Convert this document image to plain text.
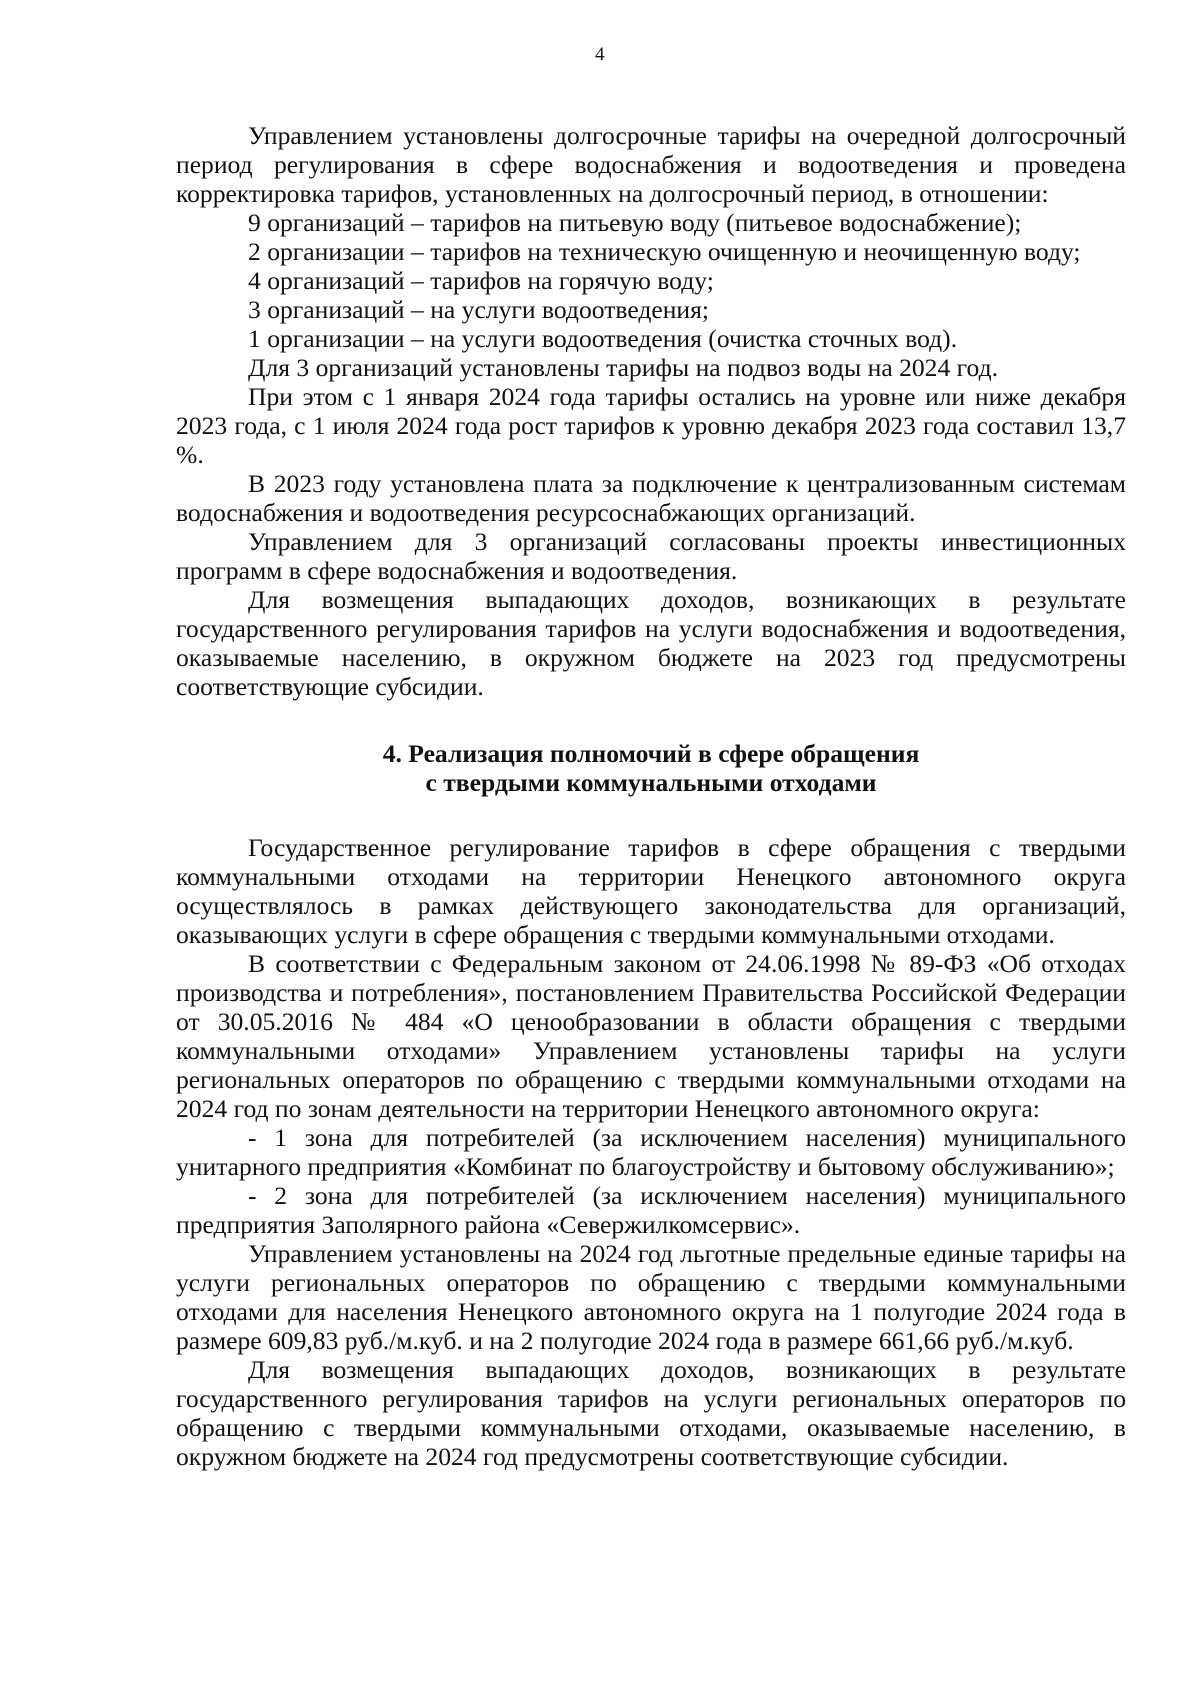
4

Управлением установлены долгосрочные тарифы на очередной долгосрочный период регулирования в сфере водоснабжения и водоотведения и проведена корректировка тарифов, установленных на долгосрочный период, в отношении:

9 организаций – тарифов на питьевую воду (питьевое водоснабжение);

2 организации – тарифов на техническую очищенную и неочищенную воду;

4 организаций – тарифов на горячую воду;

3 организаций – на услуги водоотведения;

1 организации – на услуги водоотведения (очистка сточных вод).

Для 3 организаций установлены тарифы на подвоз воды на 2024 год.

При этом с 1 января 2024 года тарифы остались на уровне или ниже декабря 2023 года, с 1 июля 2024 года рост тарифов к уровню декабря 2023 года составил 13,7 %.

В 2023 году установлена плата за подключение к централизованным системам водоснабжения и водоотведения ресурсоснабжающих организаций.

Управлением для 3 организаций согласованы проекты инвестиционных программ в сфере водоснабжения и водоотведения.

Для возмещения выпадающих доходов, возникающих в результате государственного регулирования тарифов на услуги водоснабжения и водоотведения, оказываемые населению, в окружном бюджете на 2023 год предусмотрены соответствующие субсидии.

4. Реализация полномочий в сфере обращения
с твердыми коммунальными отходами

Государственное регулирование тарифов в сфере обращения с твердыми коммунальными отходами на территории Ненецкого автономного округа осуществлялось в рамках действующего законодательства для организаций, оказывающих услуги в сфере обращения с твердыми коммунальными отходами.

В соответствии с Федеральным законом от 24.06.1998 № 89-ФЗ «Об отходах производства и потребления», постановлением Правительства Российской Федерации от 30.05.2016 № 484 «О ценообразовании в области обращения с твердыми коммунальными отходами» Управлением установлены тарифы на услуги региональных операторов по обращению с твердыми коммунальными отходами на 2024 год по зонам деятельности на территории Ненецкого автономного округа:

- 1 зона для потребителей (за исключением населения) муниципального унитарного предприятия «Комбинат по благоустройству и бытовому обслуживанию»;

- 2 зона для потребителей (за исключением населения) муниципального предприятия Заполярного района «Севержилкомсервис».

Управлением установлены на 2024 год льготные предельные единые тарифы на услуги региональных операторов по обращению с твердыми коммунальными отходами для населения Ненецкого автономного округа на 1 полугодие 2024 года в размере 609,83 руб./м.куб. и на 2 полугодие 2024 года в размере 661,66 руб./м.куб.

Для возмещения выпадающих доходов, возникающих в результате государственного регулирования тарифов на услуги региональных операторов по обращению с твердыми коммунальными отходами, оказываемые населению, в окружном бюджете на 2024 год предусмотрены соответствующие субсидии.
